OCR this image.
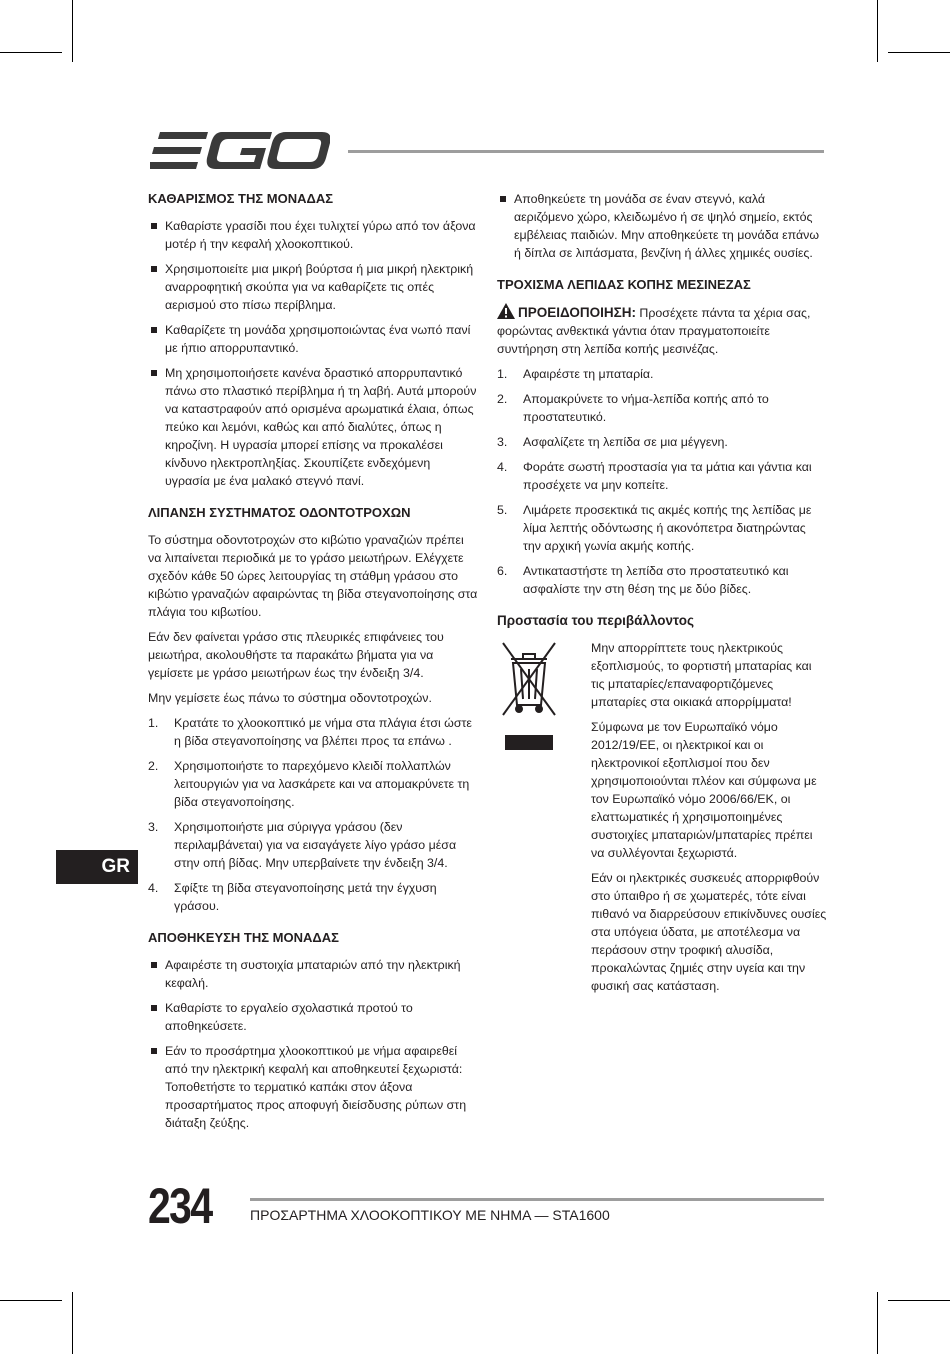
GR
ΚΑΘΑΡΙΣΜΟΣ ΤΗΣ ΜΟΝΑΔΑΣ
Καθαρίστε γρασίδι που έχει τυλιχτεί γύρω από τον άξονα μοτέρ ή την κεφαλή χλοοκοπτικού.
Χρησιμοποιείτε μια μικρή βούρτσα ή μια μικρή ηλεκτρική αναρροφητική σκούπα για να καθαρίζετε τις οπές αερισμού στο πίσω περίβλημα.
Καθαρίζετε τη μονάδα χρησιμοποιώντας ένα νωπό πανί με ήπιο απορρυπαντικό.
Μη χρησιμοποιήσετε κανένα δραστικό απορρυπαντικό πάνω στο πλαστικό περίβλημα ή τη λαβή. Αυτά μπορούν να καταστραφούν από ορισμένα αρωματικά έλαια, όπως πεύκο και λεμόνι, καθώς και από διαλύτες, όπως η κηροζίνη. Η υγρασία μπορεί επίσης να προκαλέσει κίνδυνο ηλεκτροπληξίας. Σκουπίζετε ενδεχόμενη υγρασία με ένα μαλακό στεγνό πανί.
ΛΙΠΑΝΣΗ ΣΥΣΤΗΜΑΤΟΣ ΟΔΟΝΤΟΤΡΟΧΩΝ

Το σύστημα οδοντοτροχών στο κιβώτιο γραναζιών πρέπει να λιπαίνεται περιοδικά με το γράσο μειωτήρων. Ελέγχετε σχεδόν κάθε 50 ώρες λειτουργίας τη στάθμη γράσου στο κιβώτιο γραναζιών αφαιρώντας τη βίδα στεγανοποίησης στα πλάγια του κιβωτίου.

Εάν δεν φαίνεται γράσο στις πλευρικές επιφάνειες του μειωτήρα, ακολουθήστε τα παρακάτω βήματα για να γεμίσετε με γράσο μειωτήρων έως την ένδειξη 3/4.

Μην γεμίσετε έως πάνω το σύστημα οδοντοτροχών.

1.	Κρατάτε το χλοοκοπτικό με νήμα στα πλάγια έτσι ώστε η βίδα στεγανοποίησης να βλέπει προς τα επάνω .
2.	Χρησιμοποιήστε το παρεχόμενο κλειδί πολλαπλών λειτουργιών για να λασκάρετε και να απομακρύνετε τη βίδα στεγανοποίησης.
3.	Χρησιμοποιήστε μια σύριγγα γράσου (δεν περιλαμβάνεται) για να εισαγάγετε λίγο γράσο μέσα στην οπή βίδας. Μην υπερβαίνετε την ένδειξη 3/4.
4.	Σφίξτε τη βίδα στεγανοποίησης μετά την έγχυση γράσου.
ΑΠΟΘΗΚΕΥΣΗ ΤΗΣ ΜΟΝΑΔΑΣ
Αφαιρέστε τη συστοιχία μπαταριών από την ηλεκτρική κεφαλή.
Καθαρίστε το εργαλείο σχολαστικά προτού το αποθηκεύσετε.
Εάν το προσάρτημα χλοοκοπτικού με νήμα αφαιρεθεί από την ηλεκτρική κεφαλή και αποθηκευτεί ξεχωριστά: Τοποθετήστε το τερματικό καπάκι στον άξονα προσαρτήματος προς αποφυγή διείσδυσης ρύπων στη διάταξη ζεύξης.
Αποθηκεύετε τη μονάδα σε έναν στεγνό, καλά αεριζόμενο χώρο, κλειδωμένο ή σε ψηλό σημείο, εκτός εμβέλειας παιδιών. Μην αποθηκεύετε τη μονάδα επάνω ή δίπλα σε λιπάσματα, βενζίνη ή άλλες χημικές ουσίες.
ΤΡΟΧΙΣΜΑ ΛΕΠΙΔΑΣ ΚΟΠΗΣ ΜΕΣΙΝΕΖΑΣ

ΠΡΟΕΙΔΟΠΟΙΗΣΗ: Προσέχετε πάντα τα χέρια σας, φορώντας ανθεκτικά γάντια όταν πραγματοποιείτε συντήρηση στη λεπίδα κοπής μεσινέζας.

1.	Αφαιρέστε τη μπαταρία.
2.	Απομακρύνετε το νήμα-λεπίδα κοπής από το προστατευτικό.
3.	Ασφαλίζετε τη λεπίδα σε μια μέγγενη.
4.	Φοράτε σωστή προστασία για τα μάτια και γάντια και προσέχετε να μην κοπείτε.
5.	Λιμάρετε προσεκτικά τις ακμές κοπής της λεπίδας με λίμα λεπτής οδόντωσης ή ακονόπετρα διατηρώντας την αρχική γωνία ακμής κοπής.
6.	Αντικαταστήστε τη λεπίδα στο προστατευτικό και ασφαλίστε την στη θέση της με δύο βίδες.
Προστασία του περιβάλλοντος

Μην απορρίπτετε τους ηλεκτρικούς εξοπλισμούς, το φορτιστή μπαταρίας και τις μπαταρίες/επαναφορτιζόμενες μπαταρίες στα οικιακά απορρίμματα!

Σύμφωνα με τον Ευρωπαϊκό νόμο 2012/19/ΕΕ, οι ηλεκτρικοί και οι ηλεκτρονικοί εξοπλισμοί που δεν χρησιμοποιούνται πλέον και σύμφωνα με τον Ευρωπαϊκό νόμο 2006/66/ΕΚ, οι ελαττωματικές ή χρησιμοποιημένες συστοιχίες μπαταριών/μπαταρίες πρέπει να συλλέγονται ξεχωριστά.

Εάν οι ηλεκτρικές συσκευές απορριφθούν στο ύπαιθρο ή σε χωματερές, τότε είναι πιθανό να διαρρεύσουν επικίνδυνες ουσίες στα υπόγεια ύδατα, με αποτέλεσμα να περάσουν στην τροφική αλυσίδα, προκαλώντας ζημιές στην υγεία και την φυσική σας κατάσταση.

234	ΠΡΟΣΑΡΤΗΜΑ ΧΛΟΟΚΟΠΤΙΚΟΥ ΜΕ ΝΗΜΑ — STA1600
